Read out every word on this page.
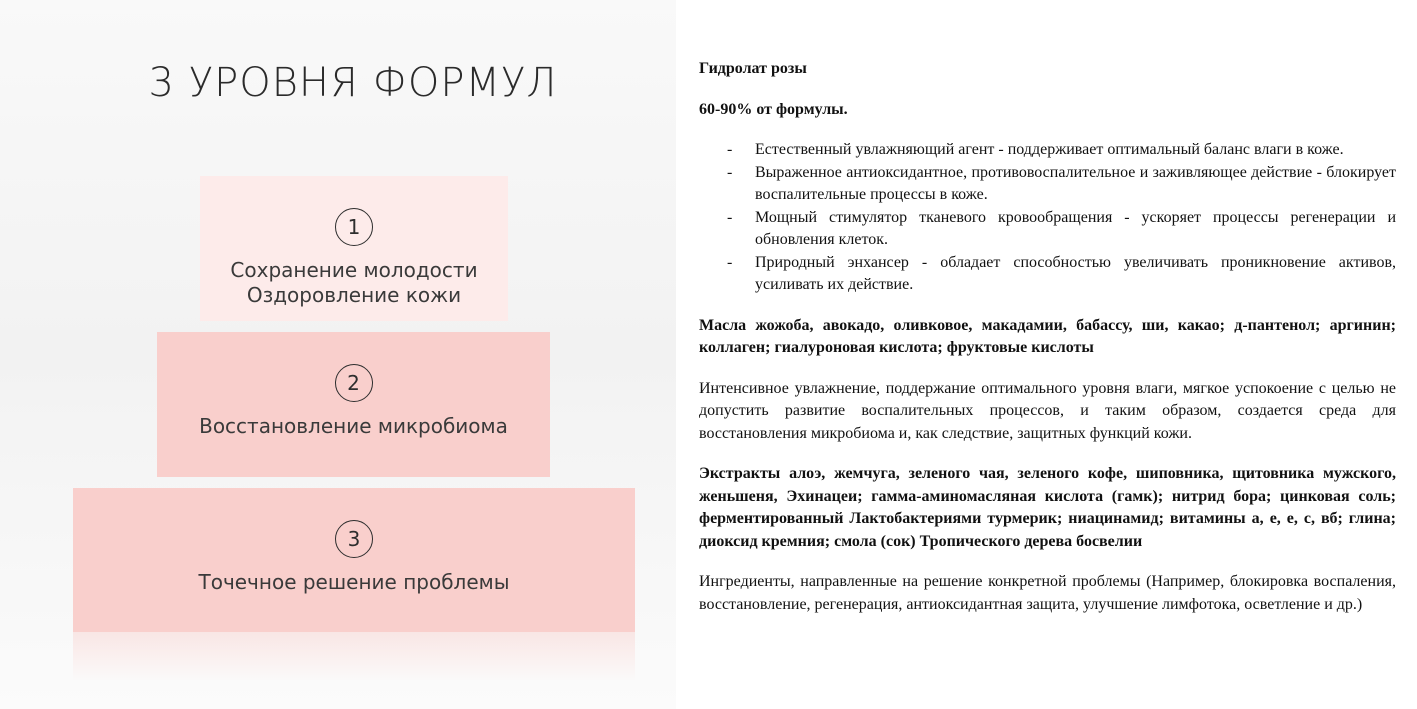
3 УРОВНЯ ФОРМУЛ
1
Сохранение молодости
Оздоровление кожи
2
Восстановление микробиома
3
Точечное решение проблемы

Гидролат розы

60-90% от формулы.

- Естественный увлажняющий агент - поддерживает оптимальный баланс влаги в коже.
- Выраженное антиоксидантное, противовоспалительное и заживляющее действие - блокирует воспалительные процессы в коже.
- Мощный стимулятор тканевого кровообращения - ускоряет процессы регенерации и обновления клеток.
- Природный энхансер - обладает способностью увеличивать проникновение активов, усиливать их действие.

Масла жожоба, авокадо, оливковое, макадамии, бабассу, ши, какао; д-пантенол; аргинин; коллаген; гиалуроновая кислота; фруктовые кислоты

Интенсивное увлажнение, поддержание оптимального уровня влаги, мягкое успокоение с целью не допустить развитие воспалительных процессов, и таким образом, создается среда для восстановления микробиома и, как следствие, защитных функций кожи.

Экстракты алоэ, жемчуга, зеленого чая, зеленого кофе, шиповника, щитовника мужского, женьшеня, Эхинацеи; гамма-аминомасляная кислота (гамк); нитрид бора; цинковая соль; ферментированный Лактобактериями турмерик; ниацинамид; витамины а, е, е, с, вб; глина; диоксид кремния; смола (сок) Тропического дерева босвелии

Ингредиенты, направленные на решение конкретной проблемы (Например, блокировка воспаления, восстановление, регенерация, антиоксидантная защита, улучшение лимфотока, осветление и др.)
